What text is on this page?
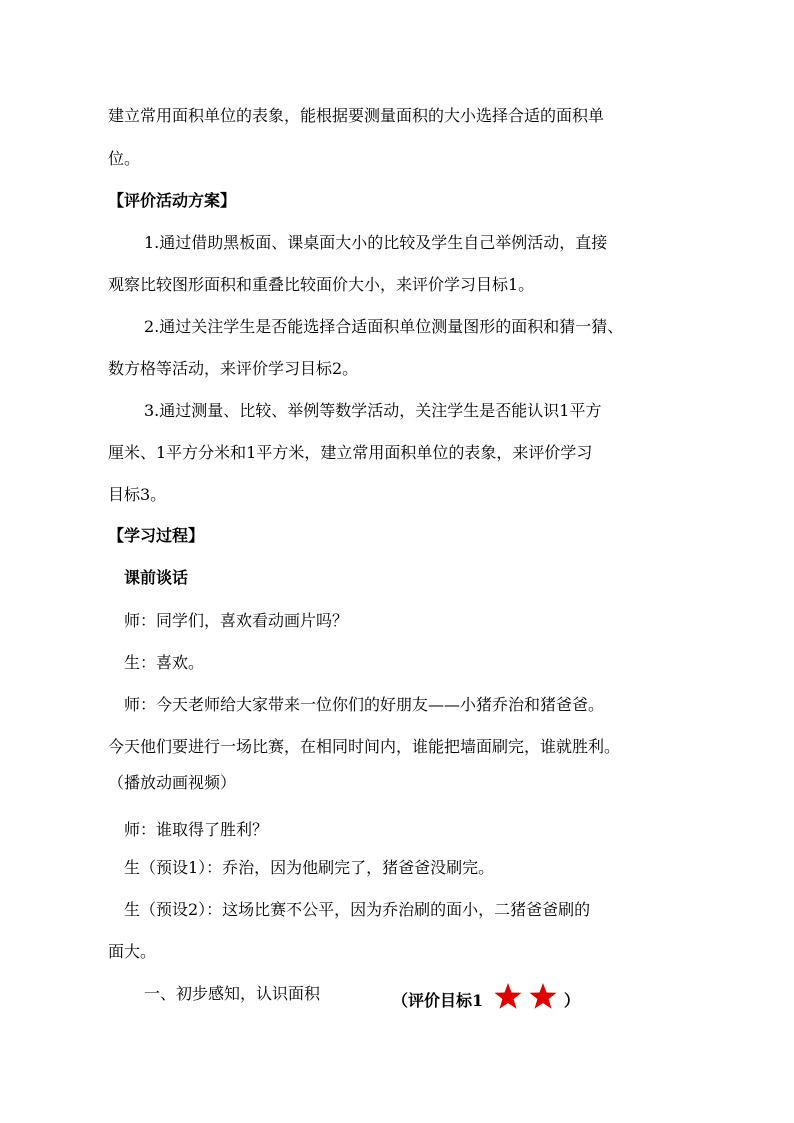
建立常用面积单位的表象，能根据要测量面积的大小选择合适的面积单
位。
【评价活动方案】
1.通过借助黑板面、课桌面大小的比较及学生自己举例活动，直接
观察比较图形面积和重叠比较面价大小，来评价学习目标1。
2.通过关注学生是否能选择合适面积单位测量图形的面积和猜一猜、
数方格等活动，来评价学习目标2。
3.通过测量、比较、举例等数学活动，关注学生是否能认识1平方
厘米、1平方分米和1平方米，建立常用面积单位的表象，来评价学习
目标3。
【学习过程】
课前谈话
师：同学们，喜欢看动画片吗？
生：喜欢。
师：今天老师给大家带来一位你们的好朋友——小猪乔治和猪爸爸。
今天他们要进行一场比赛，在相同时间内，谁能把墙面刷完，谁就胜利。
（播放动画视频）
师：谁取得了胜利？
生（预设1）：乔治，因为他刷完了，猪爸爸没刷完。
生（预设2）：这场比赛不公平，因为乔治刷的面小，二猪爸爸刷的
面大。
一、初步感知，认识面积	（评价目标1	）
